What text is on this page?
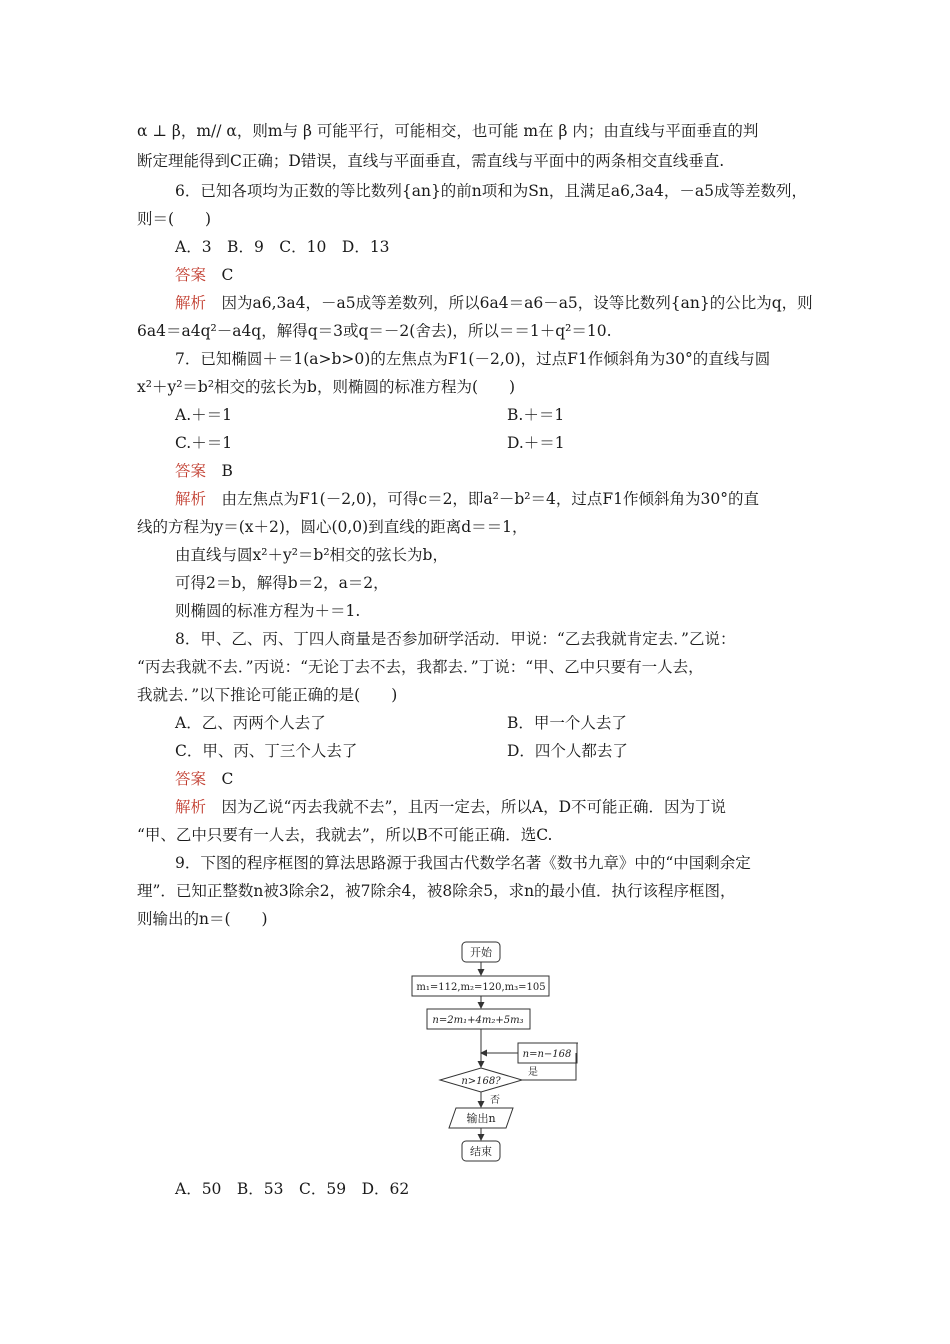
α ⊥ β，m// α，则m与 β 可能平行，可能相交，也可能 m在 β 内；由直线与平面垂直的判
断定理能得到C正确；D错误，直线与平面垂直，需直线与平面中的两条相交直线垂直.
6．已知各项均为正数的等比数列{an}的前n项和为Sn，且满足a6,3a4，－a5成等差数列，
则＝(　　)
A．3　B．9　C．10　D．13
答案　 C
解析　 因为a6,3a4，－a5成等差数列，所以6a4＝a6－a5，设等比数列{an}的公比为q，则
6a4＝a4q²－a4q，解得q＝3或q＝－2(舍去)，所以＝＝1＋q²＝10.
7．已知椭圆＋＝1(a>b>0)的左焦点为F1(－2,0)，过点F1作倾斜角为30°的直线与圆
x²＋y²＝b²相交的弦长为b，则椭圆的标准方程为(　　)
A.＋＝1	B.＋＝1
C.＋＝1	D.＋＝1
答案　 B
解析　 由左焦点为F1(－2,0)，可得c＝2，即a²－b²＝4，过点F1作倾斜角为30°的直
线的方程为y＝(x＋2)，圆心(0,0)到直线的距离d＝＝1，
由直线与圆x²＋y²＝b²相交的弦长为b，
可得2＝b，解得b＝2，a＝2，
则椭圆的标准方程为＋＝1.
8．甲、乙、丙、丁四人商量是否参加研学活动．甲说：“乙去我就肯定去．”乙说：
“丙去我就不去．”丙说：“无论丁去不去，我都去．”丁说：“甲、乙中只要有一人去，
我就去．”以下推论可能正确的是(　　)
A．乙、丙两个人去了	B．甲一个人去了
C．甲、丙、丁三个人去了	D．四个人都去了
答案　 C
解析　 因为乙说“丙去我就不去”，且丙一定去，所以A，D不可能正确．因为丁说
“甲、乙中只要有一人去，我就去”，所以B不可能正确．选C.
9．下图的程序框图的算法思路源于我国古代数学名著《数书九章》中的“中国剩余定
理”．已知正整数n被3除余2，被7除余4，被8除余5，求n的最小值．执行该程序框图，
则输出的n＝(　　)
开始
m₁=112,m₂=120,m₃=105
n=2m₁+4m₂+5m₃
n>168?
n=n−168
是
否
输出n
结束
A．50　B．53　C．59　D．62
